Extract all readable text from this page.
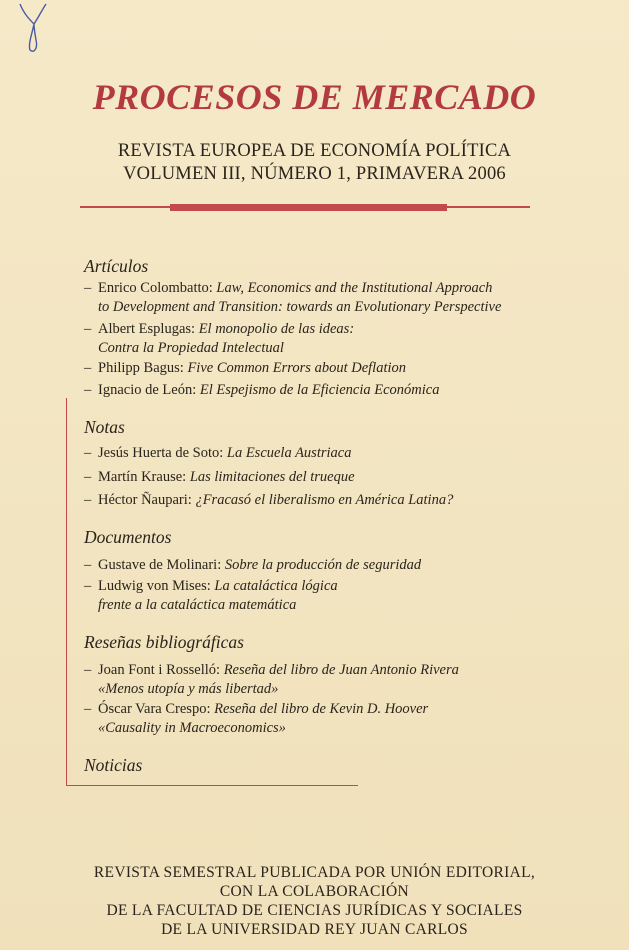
PROCESOS DE MERCADO
REVISTA EUROPEA DE ECONOMÍA POLÍTICA
VOLUMEN III, NÚMERO 1, PRIMAVERA 2006
Artículos
– Enrico Colombatto: Law, Economics and the Institutional Approach
to Development and Transition: towards an Evolutionary Perspective
– Albert Esplugas: El monopolio de las ideas:
Contra la Propiedad Intelectual
– Philipp Bagus: Five Common Errors about Deflation
– Ignacio de León: El Espejismo de la Eficiencia Económica
Notas
– Jesús Huerta de Soto: La Escuela Austriaca
– Martín Krause: Las limitaciones del trueque
– Héctor Ñaupari: ¿Fracasó el liberalismo en América Latina?
Documentos
– Gustave de Molinari: Sobre la producción de seguridad
– Ludwig von Mises: La cataláctica lógica
frente a la cataláctica matemática
Reseñas bibliográficas
– Joan Font i Rosselló: Reseña del libro de Juan Antonio Rivera
«Menos utopía y más libertad»
– Óscar Vara Crespo: Reseña del libro de Kevin D. Hoover
«Causality in Macroeconomics»
Noticias
REVISTA SEMESTRAL PUBLICADA POR UNIÓN EDITORIAL,
CON LA COLABORACIÓN
DE LA FACULTAD DE CIENCIAS JURÍDICAS Y SOCIALES
DE LA UNIVERSIDAD REY JUAN CARLOS
